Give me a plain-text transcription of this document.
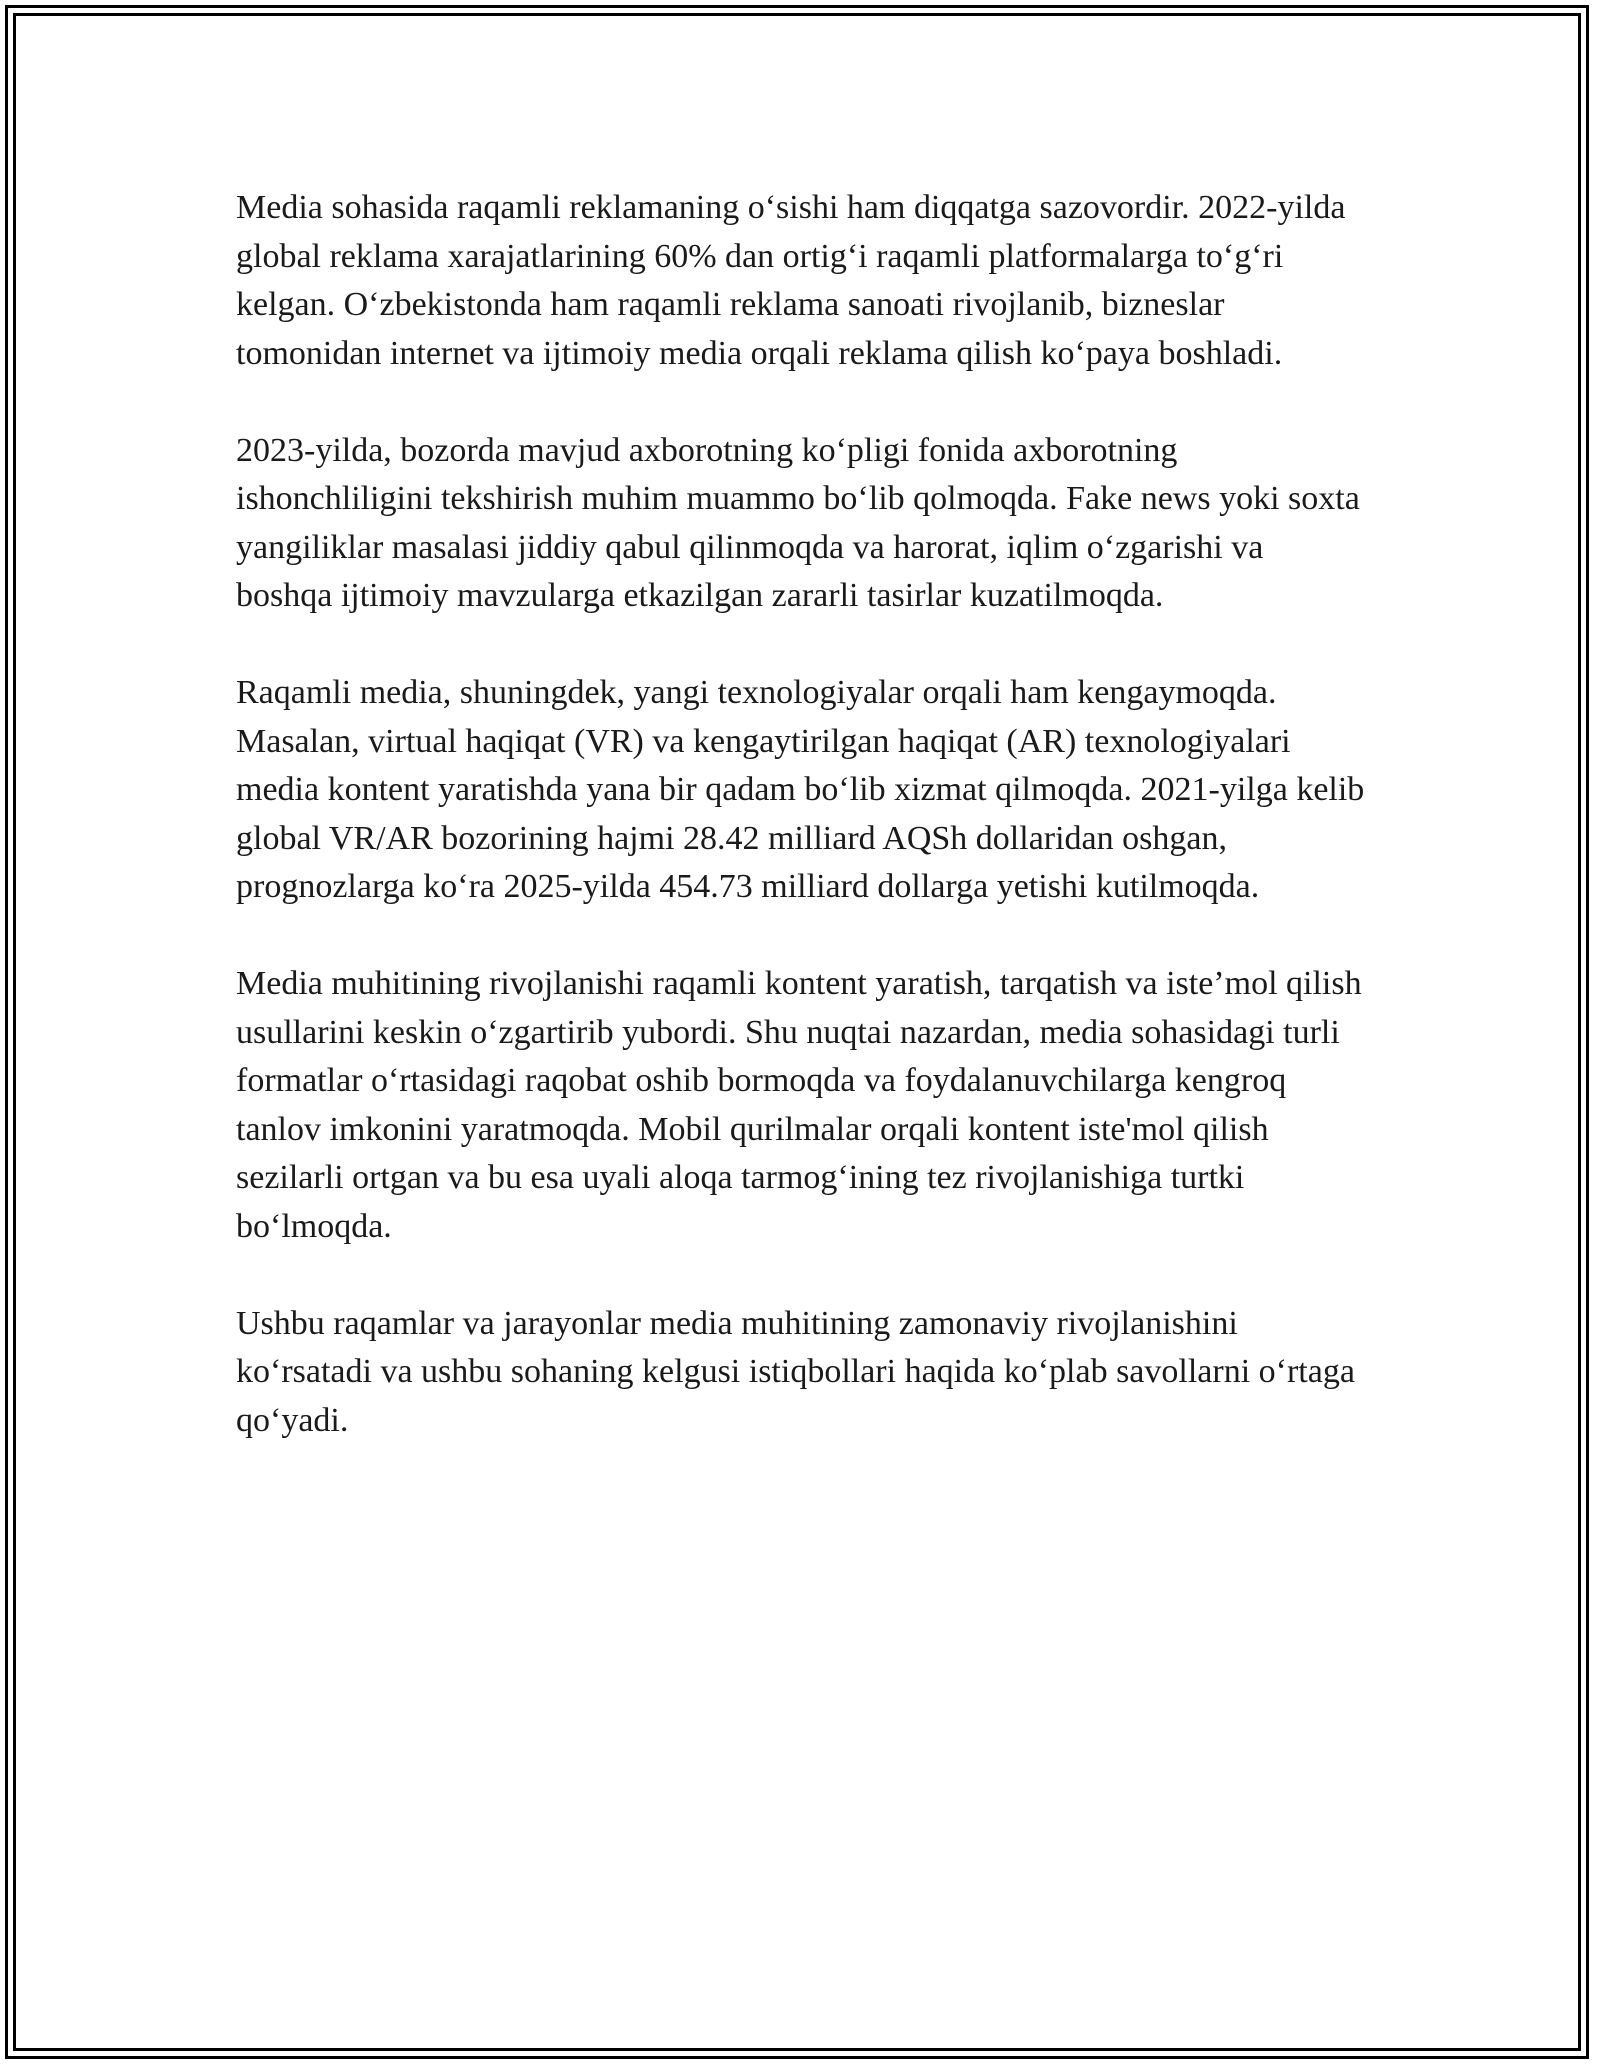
Media sohasida raqamli reklamaning o‘sishi ham diqqatga sazovordir. 2022-yilda global reklama xarajatlarining 60% dan ortig‘i raqamli platformalarga to‘g‘ri kelgan. O‘zbekistonda ham raqamli reklama sanoati rivojlanib, bizneslar tomonidan internet va ijtimoiy media orqali reklama qilish ko‘paya boshladi.

2023-yilda, bozorda mavjud axborotning ko‘pligi fonida axborotning ishonchliligini tekshirish muhim muammo bo‘lib qolmoqda. Fake news yoki soxta yangiliklar masalasi jiddiy qabul qilinmoqda va harorat, iqlim o‘zgarishi va boshqa ijtimoiy mavzularga etkazilgan zararli tasirlar kuzatilmoqda.

Raqamli media, shuningdek, yangi texnologiyalar orqali ham kengaymoqda. Masalan, virtual haqiqat (VR) va kengaytirilgan haqiqat (AR) texnologiyalari media kontent yaratishda yana bir qadam bo‘lib xizmat qilmoqda. 2021-yilga kelib global VR/AR bozorining hajmi 28.42 milliard AQSh dollaridan oshgan, prognozlarga ko‘ra 2025-yilda 454.73 milliard dollarga yetishi kutilmoqda.

Media muhitining rivojlanishi raqamli kontent yaratish, tarqatish va iste’mol qilish usullarini keskin o‘zgartirib yubordi. Shu nuqtai nazardan, media sohasidagi turli formatlar o‘rtasidagi raqobat oshib bormoqda va foydalanuvchilarga kengroq tanlov imkonini yaratmoqda. Mobil qurilmalar orqali kontent iste'mol qilish sezilarli ortgan va bu esa uyali aloqa tarmog‘ining tez rivojlanishiga turtki bo‘lmoqda.

Ushbu raqamlar va jarayonlar media muhitining zamonaviy rivojlanishini ko‘rsatadi va ushbu sohaning kelgusi istiqbollari haqida ko‘plab savollarni o‘rtaga qo‘yadi.
